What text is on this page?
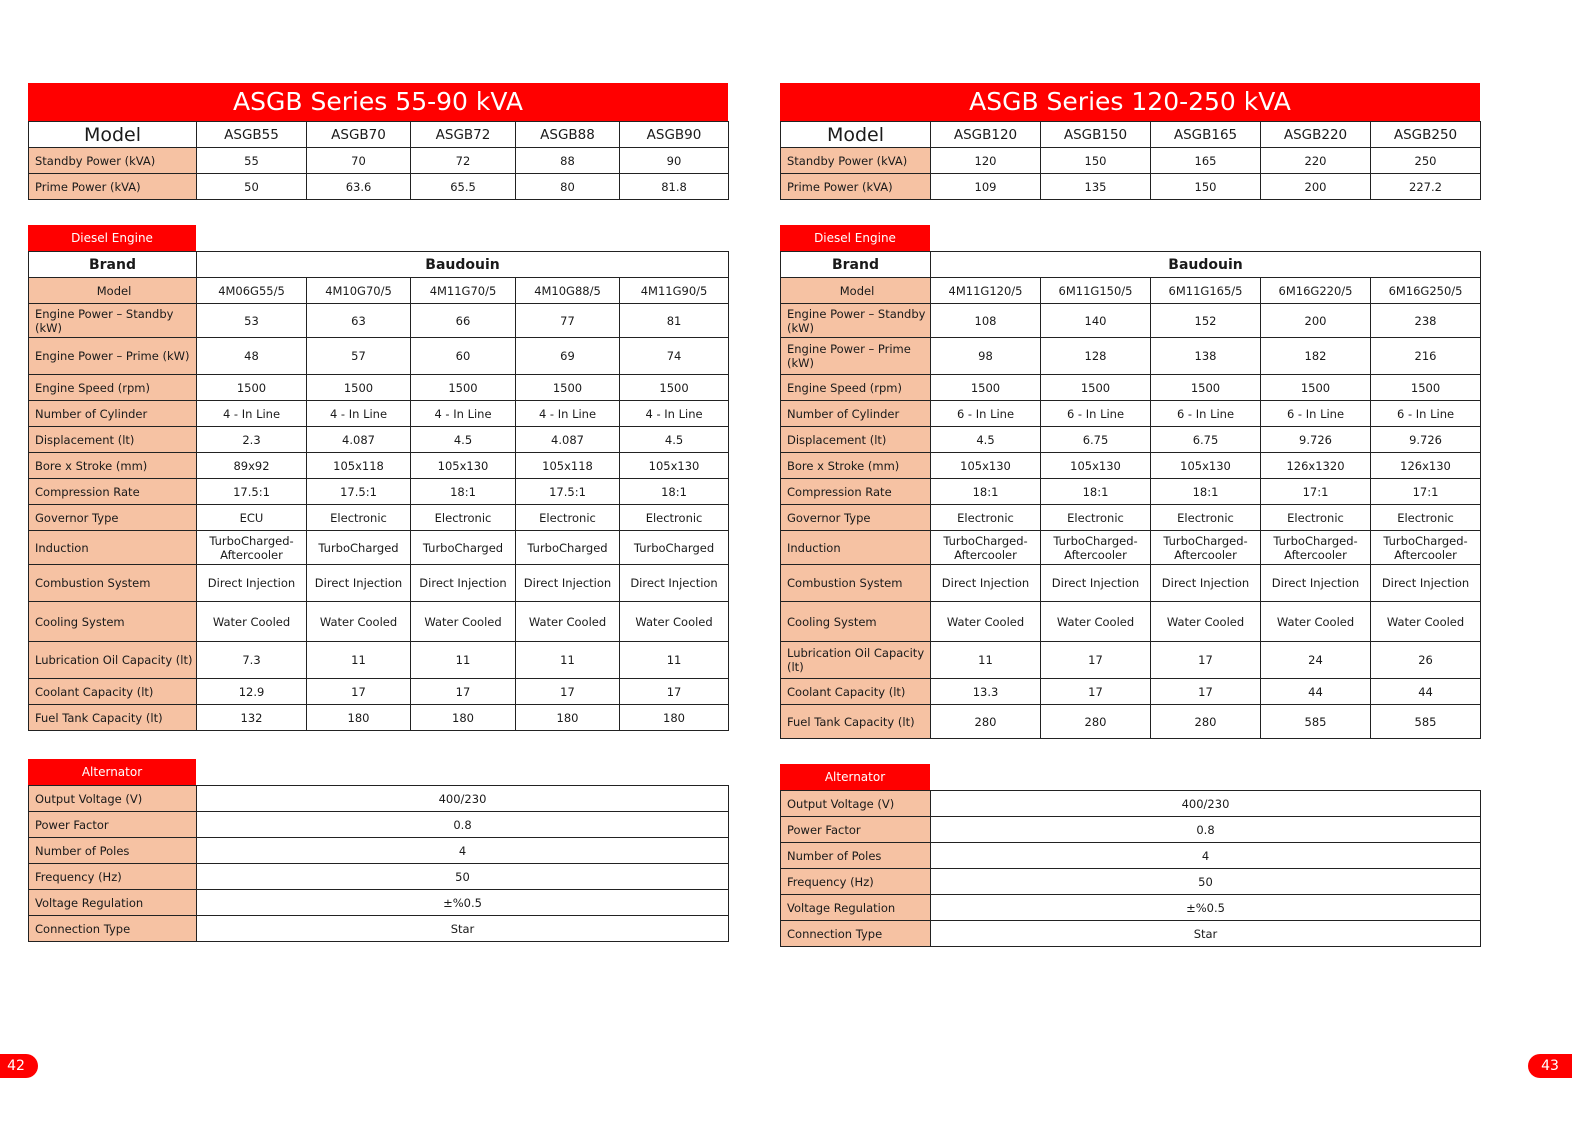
ASGB Series 55-90 kVA
Model	ASGB55	ASGB70	ASGB72	ASGB88	ASGB90
Standby Power (kVA)	55	70	72	88	90
Prime Power (kVA)	50	63.6	65.5	80	81.8
Diesel Engine
Brand	Baudouin				
Model	4M06G55/5	4M10G70/5	4M11G70/5	4M10G88/5	4M11G90/5
Engine Power – Standby (kW)	53	63	66	77	81
Engine Power – Prime (kW)	48	57	60	69	74
Engine Speed (rpm)	1500	1500	1500	1500	1500
Number of Cylinder	4 - In Line	4 - In Line	4 - In Line	4 - In Line	4 - In Line
Displacement (lt)	2.3	4.087	4.5	4.087	4.5
Bore x Stroke (mm)	89x92	105x118	105x130	105x118	105x130
Compression Rate	17.5:1	17.5:1	18:1	17.5:1	18:1
Governor Type	ECU	Electronic	Electronic	Electronic	Electronic
Induction	TurboCharged-Aftercooler	TurboCharged	TurboCharged	TurboCharged	TurboCharged
Combustion System	Direct Injection	Direct Injection	Direct Injection	Direct Injection	Direct Injection
Cooling System	Water Cooled	Water Cooled	Water Cooled	Water Cooled	Water Cooled
Lubrication Oil Capacity (lt)	7.3	11	11	11	11
Coolant Capacity (lt)	12.9	17	17	17	17
Fuel Tank Capacity (lt)	132	180	180	180	180
Alternator
Output Voltage (V)	400/230
Power Factor	0.8
Number of Poles	4
Frequency (Hz)	50
Voltage Regulation	±%0.5
Connection Type	Star
ASGB Series 120-250 kVA
Model	ASGB120	ASGB150	ASGB165	ASGB220	ASGB250
Standby Power (kVA)	120	150	165	220	250
Prime Power (kVA)	109	135	150	200	227.2
Diesel Engine
Brand	Baudouin				
Model	4M11G120/5	6M11G150/5	6M11G165/5	6M16G220/5	6M16G250/5
Engine Power – Standby (kW)	108	140	152	200	238
Engine Power – Prime (kW)	98	128	138	182	216
Engine Speed (rpm)	1500	1500	1500	1500	1500
Number of Cylinder	6 - In Line	6 - In Line	6 - In Line	6 - In Line	6 - In Line
Displacement (lt)	4.5	6.75	6.75	9.726	9.726
Bore x Stroke (mm)	105x130	105x130	105x130	126x1320	126x130
Compression Rate	18:1	18:1	18:1	17:1	17:1
Governor Type	Electronic	Electronic	Electronic	Electronic	Electronic
Induction	TurboCharged-Aftercooler	TurboCharged-Aftercooler	TurboCharged-Aftercooler	TurboCharged-Aftercooler	TurboCharged-Aftercooler
Combustion System	Direct Injection	Direct Injection	Direct Injection	Direct Injection	Direct Injection
Cooling System	Water Cooled	Water Cooled	Water Cooled	Water Cooled	Water Cooled
Lubrication Oil Capacity (lt)	11	17	17	24	26
Coolant Capacity (lt)	13.3	17	17	44	44
Fuel Tank Capacity (lt)	280	280	280	585	585
Alternator
Output Voltage (V)	400/230
Power Factor	0.8
Number of Poles	4
Frequency (Hz)	50
Voltage Regulation	±%0.5
Connection Type	Star
42	43
